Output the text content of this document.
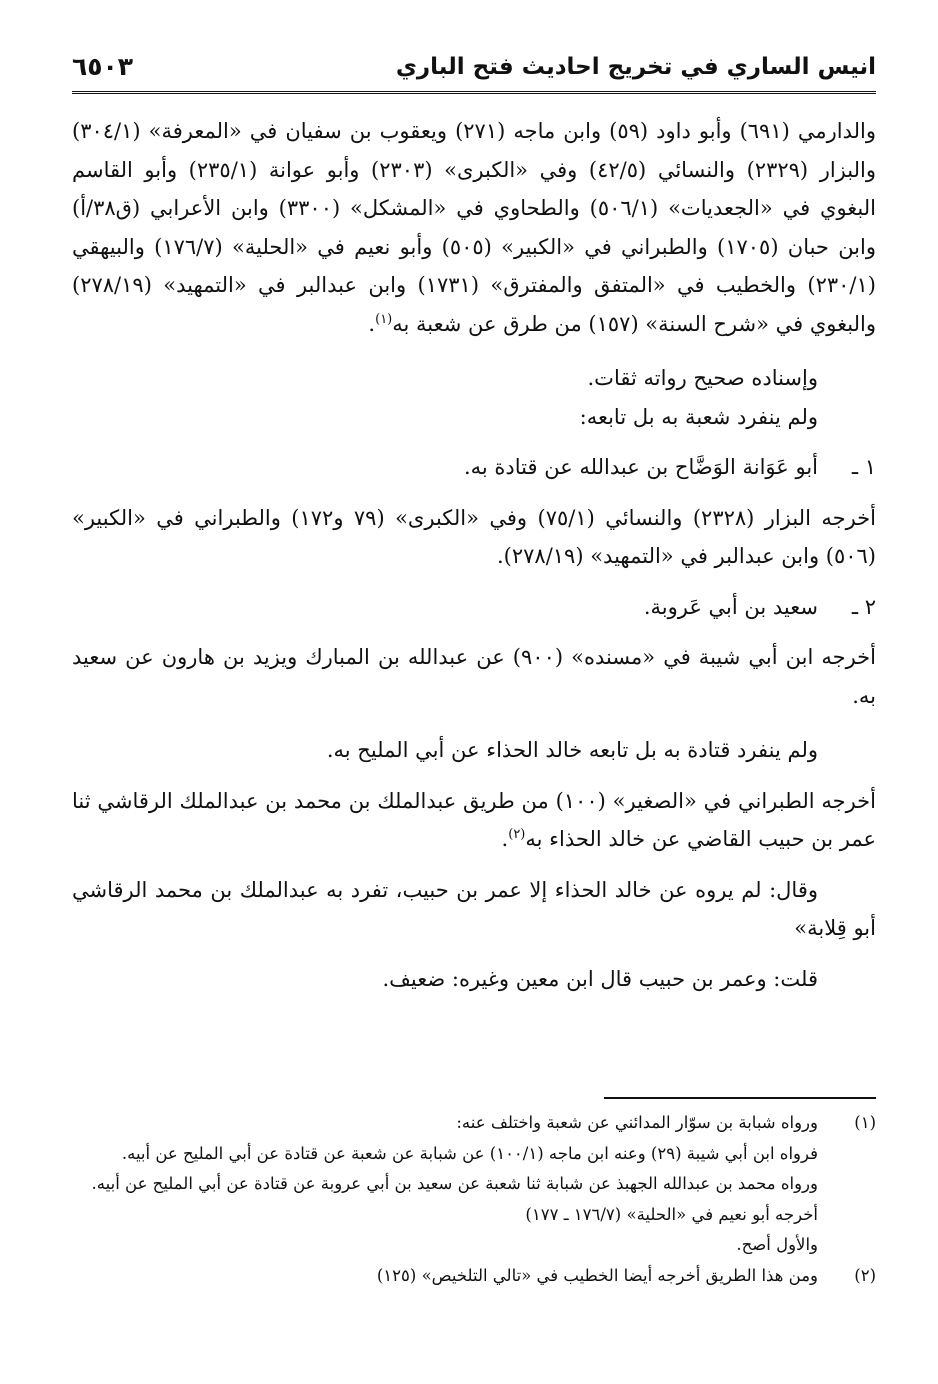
انيس الساري في تخريج احاديث فتح الباري
٦٥٠٣

والدارمي (٦٩١) وأبو داود (٥٩) وابن ماجه (٢٧١) ويعقوب بن سفيان في «المعرفة» (٣٠٤/١) والبزار (٢٣٢٩) والنسائي (٤٢/٥) وفي «الكبرى» (٢٣٠٣) وأبو عوانة (٢٣٥/١) وأبو القاسم البغوي في «الجعديات» (٥٠٦/١) والطحاوي في «المشكل» (٣٣٠٠) وابن الأعرابي (ق٣٨/أ) وابن حبان (١٧٠٥) والطبراني في «الكبير» (٥٠٥) وأبو نعيم في «الحلية» (١٧٦/٧) والبيهقي (٢٣٠/١) والخطيب في «المتفق والمفترق» (١٧٣١) وابن عبدالبر في «التمهيد» (٢٧٨/١٩) والبغوي في «شرح السنة» (١٥٧) من طرق عن شعبة به$^{(١)}$.

وإسناده صحيح رواته ثقات.

ولم ينفرد شعبة به بل تابعه:

١ ـأبو عَوَانة الوَضَّاح بن عبدالله عن قتادة به.

أخرجه البزار (٢٣٢٨) والنسائي (٧٥/١) وفي «الكبرى» (٧٩ و١٧٢) والطبراني في «الكبير» (٥٠٦) وابن عبدالبر في «التمهيد» (٢٧٨/١٩).

٢ ـسعيد بن أبي عَروبة.

أخرجه ابن أبي شيبة في «مسنده» (٩٠٠) عن عبدالله بن المبارك ويزيد بن هارون عن سعيد به.

ولم ينفرد قتادة به بل تابعه خالد الحذاء عن أبي المليح به.

أخرجه الطبراني في «الصغير» (١٠٠) من طريق عبدالملك بن محمد بن عبدالملك الرقاشي ثنا عمر بن حبيب القاضي عن خالد الحذاء به$^{(٢)}$.

وقال: لم يروه عن خالد الحذاء إلا عمر بن حبيب، تفرد به عبدالملك بن محمد الرقاشي أبو قِلابة»

قلت: وعمر بن حبيب قال ابن معين وغيره: ضعيف.

(١)ورواه شبابة بن سوّار المدائني عن شعبة واختلف عنه:

فرواه ابن أبي شيبة (٢٩) وعنه ابن ماجه (١٠٠/١) عن شبابة عن شعبة عن قتادة عن أبي المليح عن أبيه.

ورواه محمد بن عبدالله الجهبذ عن شبابة ثنا شعبة عن سعيد بن أبي عروبة عن قتادة عن أبي المليح عن أبيه.

أخرجه أبو نعيم في «الحلية» (١٧٦/٧ ـ ١٧٧)

والأول أصح.

(٢)ومن هذا الطريق أخرجه أيضا الخطيب في «تالي التلخيص» (١٢٥)
